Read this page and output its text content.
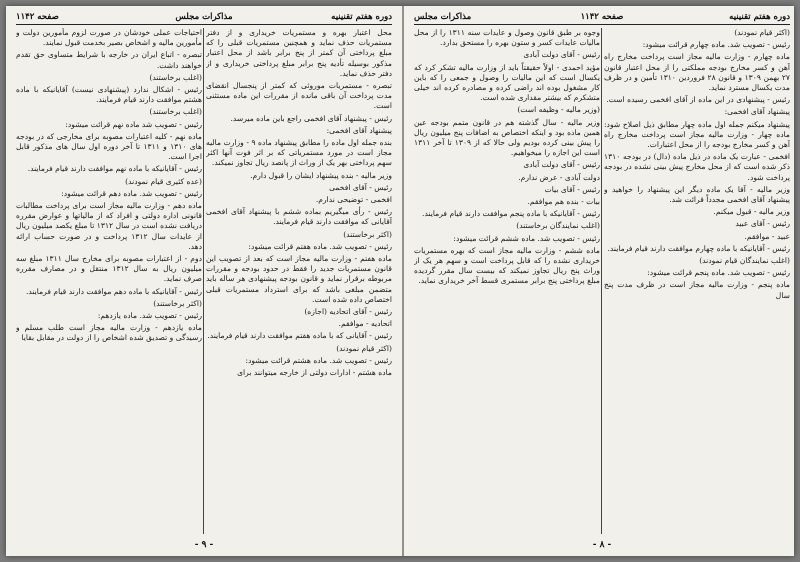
دوره هفتم تقنینیه
مذاکرات مجلس
صفحه ۱۱۴۲

محل اعتبار بهره و مستمریات خریداری و از دفتر مستمریات حذف نماید و همچنین مستمریات قبلی را که مبلغ پرداختی آن کمتر از پنج برابر باشد از محل اعتبار مذکور بوسیله تأدیه پنج برابر مبلغ پرداختی خریداری و از دفتر حذف نماید.

تبصره - مستمریات موروثی که کمتر از پنجسال انقضای مدت پرداخت آن باقی مانده از مقررات این ماده مستثنی است.

رئیس - پیشنهاد آقای افخمی راجع باین ماده میرسد.

پیشنهاد آقای افخمی:

بنده جمله اول ماده را مطابق پیشنهاد ماده ۹ - وزارت مالیه مجاز است در مورد مستمریاتی که بر اثر فوت آنها اکثر سهم پرداختی بهر یک از وراث از پانصد ریال تجاوز نمیکند.

وزیر مالیه - بنده پیشنهاد ایشان را قبول دارم.

رئیس - آقای افخمی

افخمی - توضیحی ندارم.

رئیس - رأی میگیریم بماده ششم با پیشنهاد آقای افخمی آقایانی که موافقت دارند قیام فرمایند.

(اکثر برخاستند)

رئیس - تصویب شد. ماده هفتم قرائت میشود:

ماده هفتم - وزارت مالیه مجاز است که بعد از تصویب این قانون مستمریات جدید را فقط در حدود بودجه و مقررات مربوطه برقرار نماید و قانون بودجه پیشنهادی هر ساله باید متضمن مبلغی باشد که برای استرداد مستمریات قبلی اختصاص داده شده است.

رئیس - آقای اتحادیه (اجازه)

اتحادیه - موافقم.

رئیس - آقایانی که با ماده هفتم موافقت دارند قیام فرمایند.

(اکثر قیام نمودند)

رئیس - تصویب شد. ماده هشتم قرائت میشود:

ماده هشتم - ادارات دولتی از خارجه میتوانند برای

احتیاجات عملی خودشان در صورت لزوم مأمورین دولت و مأمورین مالیه و اشخاص بصیر بخدمت قبول نمایند.

تبصره - اتباع ایران در خارجه با شرایط متساوی حق تقدم خواهند داشت.

(اغلب برخاستند)

رئیس - اشکال ندارد (پیشنهادی نیست) آقایانیکه با ماده هشتم موافقت دارند قیام فرمایند.

(اغلب برخاستند)

رئیس - تصویب شد ماده نهم قرائت میشود:

ماده نهم - کلیه اعتبارات مصوبه برای مخارجی که در بودجه های ۱۳۱۰ و ۱۳۱۱ تا آخر دوره اول سال های مذکور قابل اجرا است.

رئیس - آقایانیکه با ماده نهم موافقت دارند قیام فرمایند.

(عده کثیری قیام نمودند)

رئیس - تصویب شد. ماده دهم قرائت میشود:

ماده دهم - وزارت مالیه مجاز است برای پرداخت مطالبات قانونی اداره دولتی و افراد که از مالیاتها و عوارض مقرره دریافت نشده است در سال ۱۳۱۲ تا مبلغ یکصد میلیون ریال از عایدات سال ۱۳۱۲ پرداخت و در صورت حساب ارائه دهد.

دوم - از اعتبارات مصوبه برای مخارج سال ۱۳۱۱ مبلغ سه میلیون ریال به سال ۱۳۱۲ منتقل و در مصارف مقرره صرف نماید.

رئیس - آقایانیکه با ماده دهم موافقت دارند قیام فرمایند.

(اکثر برخاستند)

رئیس - تصویب شد. ماده یازدهم:

ماده یازدهم - وزارت مالیه مجاز است طلب مسلم و رسیدگی و تصدیق شده اشخاص را از دولت در مقابل بقایا

- ۹ -
دوره هفتم تقنینیه
صفحه ۱۱۴۲
مذاکرات مجلس

(اکثر قیام نمودند)

رئیس - تصویب شد. ماده چهارم قرائت میشود:

ماده چهارم - وزارت مالیه مجاز است پرداخت مخارج راه آهن و کسر مخارج بودجه مملکتی را از محل اعتبار قانون ۲۷ بهمن ۱۳۰۹ و قانون ۲۸ فروردین ۱۳۱۰ تأمین و در ظرف مدت یکسال مسترد نماید.

رئیس - پیشنهادی در این ماده از آقای افخمی رسیده است.

پیشنهاد آقای افخمی:

پیشنهاد میکنم جمله اول ماده چهار مطابق ذیل اصلاح شود: ماده چهار - وزارت مالیه مجاز است پرداخت مخارج راه آهن و کسر مخارج بودجه را از محل اعتبارات.

افخمی - عبارت یک ماده در ذیل ماده (دال) در بودجه ۱۳۱۰ ذکر شده است که از محل مخارج پیش بینی نشده در بودجه پرداخت شود.

وزیر مالیه - آقا یک ماده دیگر این پیشنهاد را خواهید و پیشنهاد آقای افخمی مجدداً قرائت شد.

وزیر مالیه - قبول میکنم.

رئیس - آقای عبید

عبید - موافقم.

رئیس - آقایانیکه با ماده چهارم موافقت دارند قیام فرمایند.

(اغلب نمایندگان قیام نمودند)

رئیس - تصویب شد. ماده پنجم قرائت میشود:

ماده پنجم - وزارت مالیه مجاز است در ظرف مدت پنج سال

وجوه بر طبق قانون وصول و عایدات سنه ۱۳۱۱ را از محل مالیات عایدات کسر و ستون بهره را مستحق بدارد.

رئیس - آقای دولت آبادی

مؤید احمدی - اولاً حقیقتاً باید از وزارت مالیه تشکر کرد که یکسال است که این مالیات را وصول و جمعی را که باین کار مشغول بوده اند راضی کرده و مصادره کرده اند خیلی متشکرم که بیشتر مقداری شده است.

(وزیر مالیه - وظیفه است)

وزیر مالیه - سال گذشته هم در قانون متمم بودجه عین همین ماده بود و اینکه اختصاص به اضافات پنج میلیون ریال را پیش بینی کرده بودیم ولی حالا که از ۱۳۰۹ تا آخر ۱۳۱۱ است این اجازه را میخواهیم.

رئیس - آقای دولت آبادی

دولت آبادی - عرض ندارم.

رئیس - آقای بیات

بیات - بنده هم موافقم.

رئیس - آقایانیکه با ماده پنجم موافقت دارند قیام فرمایند.

(اغلب نمایندگان برخاستند)

رئیس - تصویب شد. ماده ششم قرائت میشود:

ماده ششم - وزارت مالیه مجاز است که بهره مستمریات خریداری نشده را که قابل پرداخت است و سهم هر یک از وراث پنج ریال تجاوز نمیکند که بیست سال مقرر گردیده مبلغ پرداختی پنج برابر مستمری قسط آخر خریداری نماید.

- ۸ -
